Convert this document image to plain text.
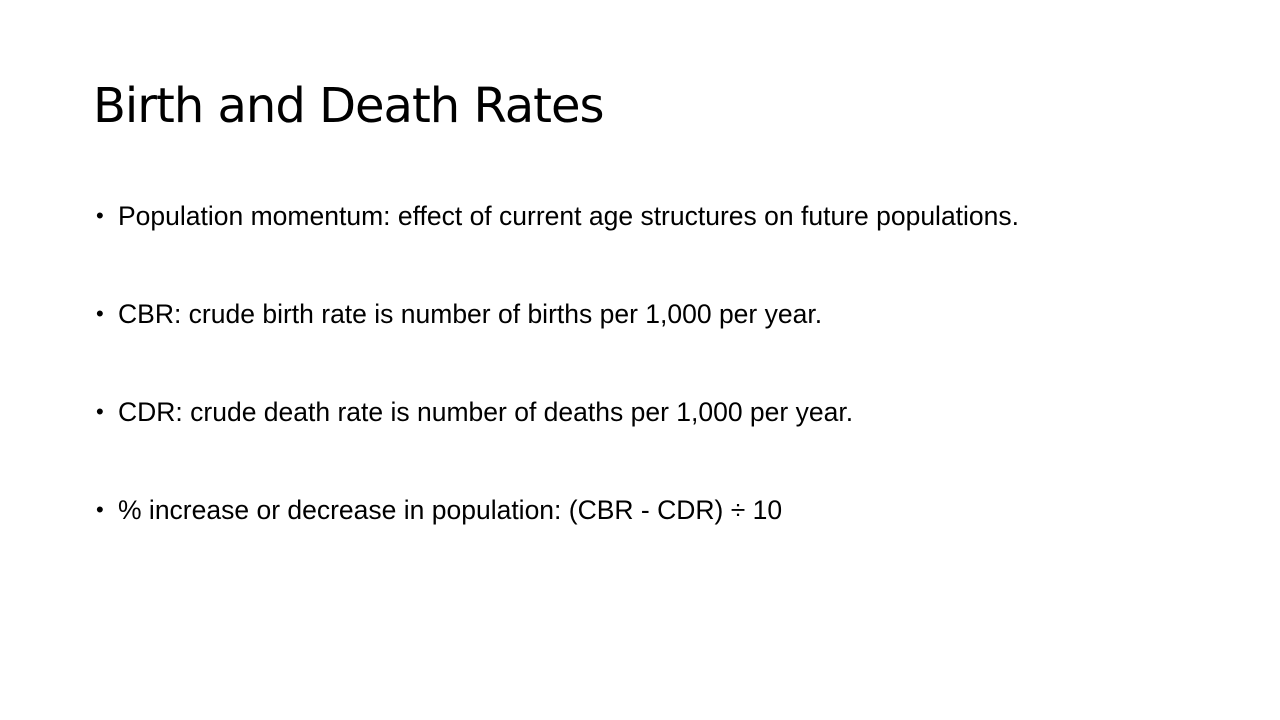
Birth and Death Rates
• Population momentum: effect of current age structures on future populations.
• CBR: crude birth rate is number of births per 1,000 per year.
• CDR: crude death rate is number of deaths per 1,000 per year.
• % increase or decrease in population: (CBR - CDR) ÷ 10
